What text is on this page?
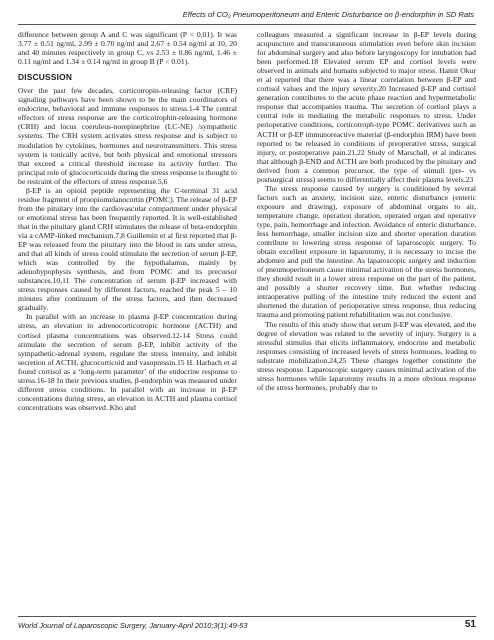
Effects of CO₂ Pneumoperitoneum and Enteric Disturbance on β-endorphin in SD Rats

difference between group A and C was significant (P < 0.01). It was 3.77 ± 0.51 ng/ml, 2.99 ± 0.70 ng/ml and 2.67 ± 0.54 ng/ml at 10, 20 and 40 minutes respectively in group C, vs 2.53 ± 0.86 ng/ml, 1.46 ± 0.11 ng/ml and 1.34 ± 0.14 ng/ml in group B (P < 0.01).

DISCUSSION

Over the past few decades, corticotropin-releasing factor (CRF) signaling pathways have been shown to be the main coordinators of endocrine, behavioral and immune responses to stress.1-4 The central effectors of stress response are the corticotrophin-releasing hormone (CRH) and locus coeruleus-norepinephrine (LC-NE) /sympathetic systems. The CRH system activates stress response and is subject to modulation by cytokines, hormones and neurotransmitters. This stress system is tonically active, but both physical and emotional stressors that exceed a critical threshold increase its activity further. The principal role of glucocorticoids during the stress response is thought to be restraint of the effectors of stress response.5,6

β-EP is an opioid peptide representing the C-terminal 31 acid residue fragment of proopiomelanocortin (POMC). The release of β-EP from the pituitary into the cardiovascular compartment under physical or emotional stress has been frequently reported. It is well-established that in the pituitary gland CRH stimulates the release of beta-endorphin via a cAMP-linked mechanism.7,8 Guillemin et al first reported that β-EP was released from the pituitary into the blood in rats under stress, and that all kinds of stress could stimulate the secretion of serum β-EP, which was controlled by the hypothalamus, mainly by adenohypophysis synthesis, and from POMC and its precursor substances.10,11 The concentration of serum β-EP increased with stress responses caused by different factors, reached the peak 5 – 10 minutes after continuum of the stress factors, and then decreased gradually.

In parallel with an increase in plasma β-EP concentration during stress, an elevation in adrenocorticotropic hormone (ACTH) and cortisol plasma concentrations was observed.12-14 Stress could stimulate the secretion of serum β-EP, inhibit activity of the sympathetic-adrenal system, regulate the stress intensity, and inhibit secretion of ACTH, glucocorticoid and vasopressin.15 H. Harbach et al found cortisol as a ‘long-term parameter’ of the endocrine response to stress.16-18 In their previous studies, β-endorphin was measured under different stress conditions. In parallel with an increase in β-EP concentrations during stress, an elevation in ACTH and plasma cortisol concentrations was observed. Kho and

colleagues measured a significant increase in β-EP levels during acupuncture and transcutaneous stimulation even before skin incision for abdominal surgery and also before laryngoscopy for intubation had been performed.18 Elevated serum EP and cortisol levels were observed in animals and humans subjected to major stress. Hamit Okur et al reported that there was a linear correlation between β-EP and cortisol values and the injury severity.20 Increased β-EP and cortisol generation contributes to the acute phase reaction and hypermetabolic response that accompanies trauma. The secretion of cortisol plays a central role in mediating the metabolic responses to stress. Under perioperative conditions, corticotroph-type POMC derivatives such as ACTH or β-EP immunoreactive material (β-endorphin IRM) have been reported to be released in conditions of preoperative stress, surgical injury, or postoperative pain.21,22 Study of Marschall, et al indicates that although β-END and ACTH are both produced by the pituitary and derived from a common precursor, the type of stimuli (pre- vs postsurgical stress) seems to differentially affect their plasma levels.23

The stress response caused by surgery is conditioned by several factors such as anxiety, incision size, enteric disturbance (enteric exposure and drawing), exposure of abdominal organs to air, temperature change, operation duration, operated organ and operative type, pain, hemorrhage and infection. Avoidance of enteric disturbance, less hemorrhage, smaller incision size and shorter operation duration contribute to lowering stress response of laparoscopic surgery. To obtain excellent exposure in laparotomy, it is necessary to incise the abdomen and pull the intestine. As laparoscopic surgery and induction of pneumoperitoneum cause minimal activation of the stress hormones, they should result in a lower stress response on the part of the patient, and possibly a shorter recovery time. But whether reducing intraoperative pulling of the intestine truly reduced the extent and shortened the duration of perioperative stress response, thus reducing trauma and promoting patient rehabilitation was not conclusive.

The results of this study show that serum β-EP was elevated, and the degree of elevation was related to the severity of injury. Surgery is a stressful stimulus that elicits inflammatory, endocrine and metabolic responses consisting of increased levels of stress hormones, leading to substrate mobilization.24,25 These changes together constitute the stress response. Laparoscopic surgery causes minimal activation of the stress hormones while laparotomy results in a more obvious response of the stress hormones, probably due to

World Journal of Laparoscopic Surgery, January-April 2010;3(1):49-53	51
